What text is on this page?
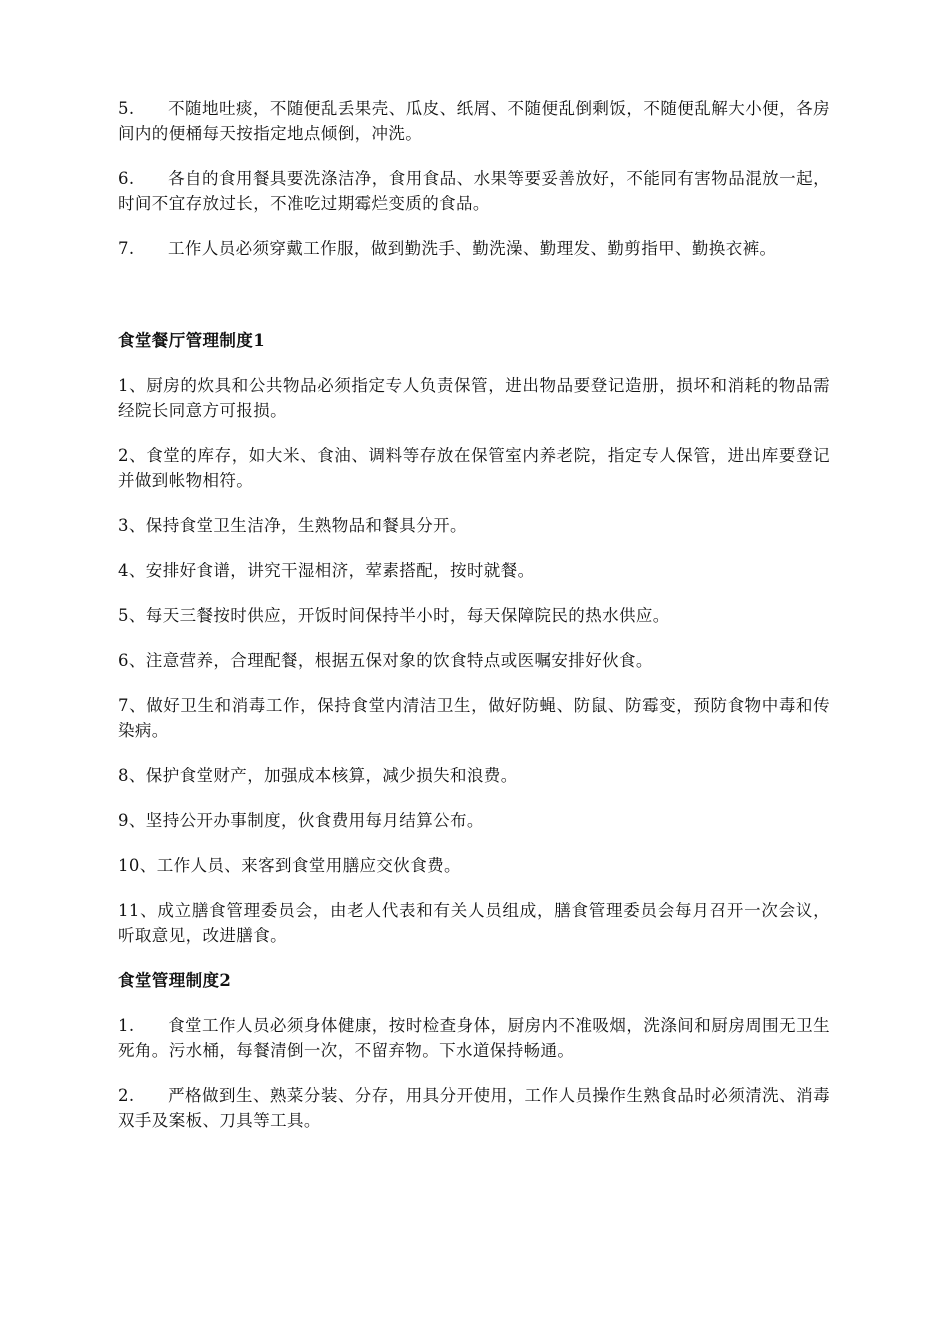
5. 不随地吐痰，不随便乱丢果壳、瓜皮、纸屑、不随便乱倒剩饭，不随便乱解大小便，各房间内的便桶每天按指定地点倾倒，冲洗。

6. 各自的食用餐具要洗涤洁净，食用食品、水果等要妥善放好，不能同有害物品混放一起，时间不宜存放过长，不准吃过期霉烂变质的食品。

7. 工作人员必须穿戴工作服，做到勤洗手、勤洗澡、勤理发、勤剪指甲、勤换衣裤。

食堂餐厅管理制度1

1、厨房的炊具和公共物品必须指定专人负责保管，进出物品要登记造册，损坏和消耗的物品需经院长同意方可报损。

2、食堂的库存，如大米、食油、调料等存放在保管室内养老院，指定专人保管，进出库要登记并做到帐物相符。

3、保持食堂卫生洁净，生熟物品和餐具分开。

4、安排好食谱，讲究干湿相济，荤素搭配，按时就餐。

5、每天三餐按时供应，开饭时间保持半小时，每天保障院民的热水供应。

6、注意营养，合理配餐，根据五保对象的饮食特点或医嘱安排好伙食。

7、做好卫生和消毒工作，保持食堂内清洁卫生，做好防蝇、防鼠、防霉变，预防食物中毒和传染病。

8、保护食堂财产，加强成本核算，减少损失和浪费。

9、坚持公开办事制度，伙食费用每月结算公布。

10、工作人员、来客到食堂用膳应交伙食费。

11、成立膳食管理委员会，由老人代表和有关人员组成，膳食管理委员会每月召开一次会议，听取意见，改进膳食。

食堂管理制度2

1. 食堂工作人员必须身体健康，按时检查身体，厨房内不准吸烟，洗涤间和厨房周围无卫生死角。污水桶，每餐清倒一次，不留弃物。下水道保持畅通。

2. 严格做到生、熟菜分装、分存，用具分开使用，工作人员操作生熟食品时必须清洗、消毒双手及案板、刀具等工具。
